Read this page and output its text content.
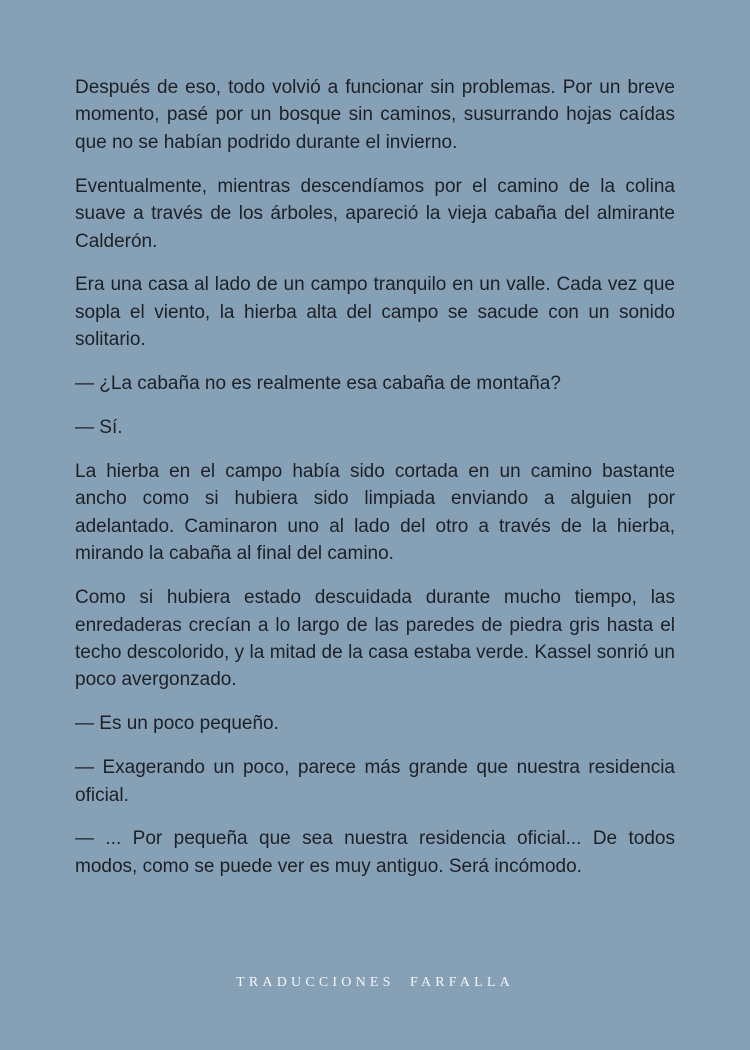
Después de eso, todo volvió a funcionar sin problemas. Por un breve momento, pasé por un bosque sin caminos, susurrando hojas caídas que no se habían podrido durante el invierno.

Eventualmente, mientras descendíamos por el camino de la colina suave a través de los árboles, apareció la vieja cabaña del almirante Calderón.

Era una casa al lado de un campo tranquilo en un valle. Cada vez que sopla el viento, la hierba alta del campo se sacude con un sonido solitario.

— ¿La cabaña no es realmente esa cabaña de montaña?

— Sí.

La hierba en el campo había sido cortada en un camino bastante ancho como si hubiera sido limpiada enviando a alguien por adelantado. Caminaron uno al lado del otro a través de la hierba, mirando la cabaña al final del camino.

Como si hubiera estado descuidada durante mucho tiempo, las enredaderas crecían a lo largo de las paredes de piedra gris hasta el techo descolorido, y la mitad de la casa estaba verde. Kassel sonrió un poco avergonzado.

— Es un poco pequeño.

— Exagerando un poco, parece más grande que nuestra residencia oficial.

— ... Por pequeña que sea nuestra residencia oficial... De todos modos, como se puede ver es muy antiguo. Será incómodo.

TRADUCCIONES  FARFALLA
